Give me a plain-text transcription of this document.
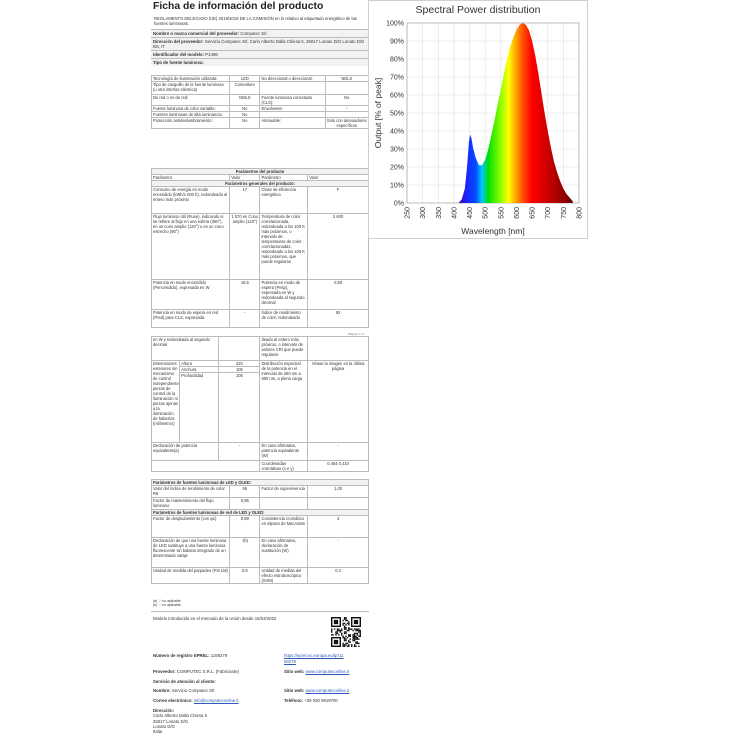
Ficha de información del producto
REGLAMENTO DELEGADO (UE) 2019/2015 DE LA COMISIÓN en lo relativo al etiquetado energético de las fuentes luminosas.
Nombre o marca comercial del proveedor: Computec Srl
Dirección del proveedor: Servizio Computec Srl, Carlo Alberto Dalla Chiesa 5, 25017 Lonato D/G Lonato D/G BS, IT
Identificador del modelo: P1496
Tipo de fuente luminosa:
Tecnología de iluminación utilizada:	LED	No direccional o direccional:	NDLS
Tipo de casquillo de la fuente luminosa (u otra interfaz eléctrica)	Connettore		
De red o no de red:	NMLS	Fuente luminosa conectada (CLS):	No
Fuente luminosa de color variable:	No	Envolvente:	-
Fuentes luminosas de alta luminancia:	No		
Protección antideslumbramiento:	No	Atenuable:	Solo con atenuadores específicos
Parámetros del producto			
Parámetro	Valor	Parámetro	Valor
Parámetros generales del producto:			
Consumo de energía en modo encendido (kWh/1 000 h), redondeado al entero más próximo	17	Clase de eficiencia energética	F
Flujo luminoso útil (Φuse), indicando si se refiere al flujo en una esfera (360°), en un cono amplio (120°) o en un cono estrecho (90°)	1 570 en Cono amplio (120°)	Temperatura de color correlacionada, redondeada a los 100 K más próximos, o intervalo de temperaturas de color correlacionadas, redondeado a los 100 K más próximos, que puede regularse	2 600
Potencia en modo encendido (Pencendido), expresada en W	16,5	Potencia en modo de espera (Pesp), expresada en W y redondeada al segundo decimal	0,50
Potencia en modo de espera en red (Pred) para CLS, expresada	-	Índice de rendimiento de color, redondeado	92
Página 1 / 4
en W y redondeada al segundo decimal			deado al entero más próximo, o intervalo de valores CRI que puede regularse	
Dimensiones exteriores sin mecanismo de control independiente, piezas de control de la iluminación ni piezas ajenas a la iluminación, de haberlos (milímetros)	Altura	220	Distribución espectral de la potencia en el intervalo de 250 nm a 800 nm, a plena carga	Véase la imagen en la última página
	Anchura	105		
	Profundidad	105		
Declaración de potencia equivalente(a)		-	En caso afirmativo, potencia equivalente (W)	-
			Coordenadas cromáticas (x e y)	0,464 0,410
Parámetros de fuentes luminosas de LED y OLED:			
Valor del índice de rendimiento de color R9	56	Factor de supervivencia	1,00
Factor de mantenimiento del flujo luminoso	0,96		
Parámetros de fuentes luminosas de red de LED y OLED:			
Factor de desplazamiento (cos φ1)	0,89	Consistencia cromática en elipses de MacAdam	3
Declaración de que una fuente luminosa de LED sustituye a una fuente luminosa fluorescente sin balasto integrado de un determinado vataje	-(b)	En caso afirmativo, declaración de sustitución (W)	-
Unidad de medida del parpadeo (Pst LM)	0,9	Unidad de medida del efecto estroboscópico (SVM)	0,4
(a) '-': no aplicable;
(b) '-': no aplicable;
Modelo introducido en el mercado de la Unión desde 15/03/2022
Número de registro EPREL: 1169279	https://eprel.ec.europa.eu/qr/1169279
Proveedor: COMPUTEC S.R.L. (Fabricante)	Sitio web: www.computeconline.it
Servicio de atención al cliente:
Nombre: Servizio Computec Srl	Sitio web: www.computeconline.it
Correo electrónico: info@computeconline.it	Teléfono: +39 030 9919700
Dirección:
Carlo Alberto Dalla Chiesa 5
25017 Lonato D/G
Lonato D/G
Italia
Spectral Power distribution
0%
10%
20%
30%
40%
50%
60%
70%
80%
90%
100%
250 300 350 400 450 500 550 600 650 700 750 800
Wavelength [nm]
Output [% of peak]
